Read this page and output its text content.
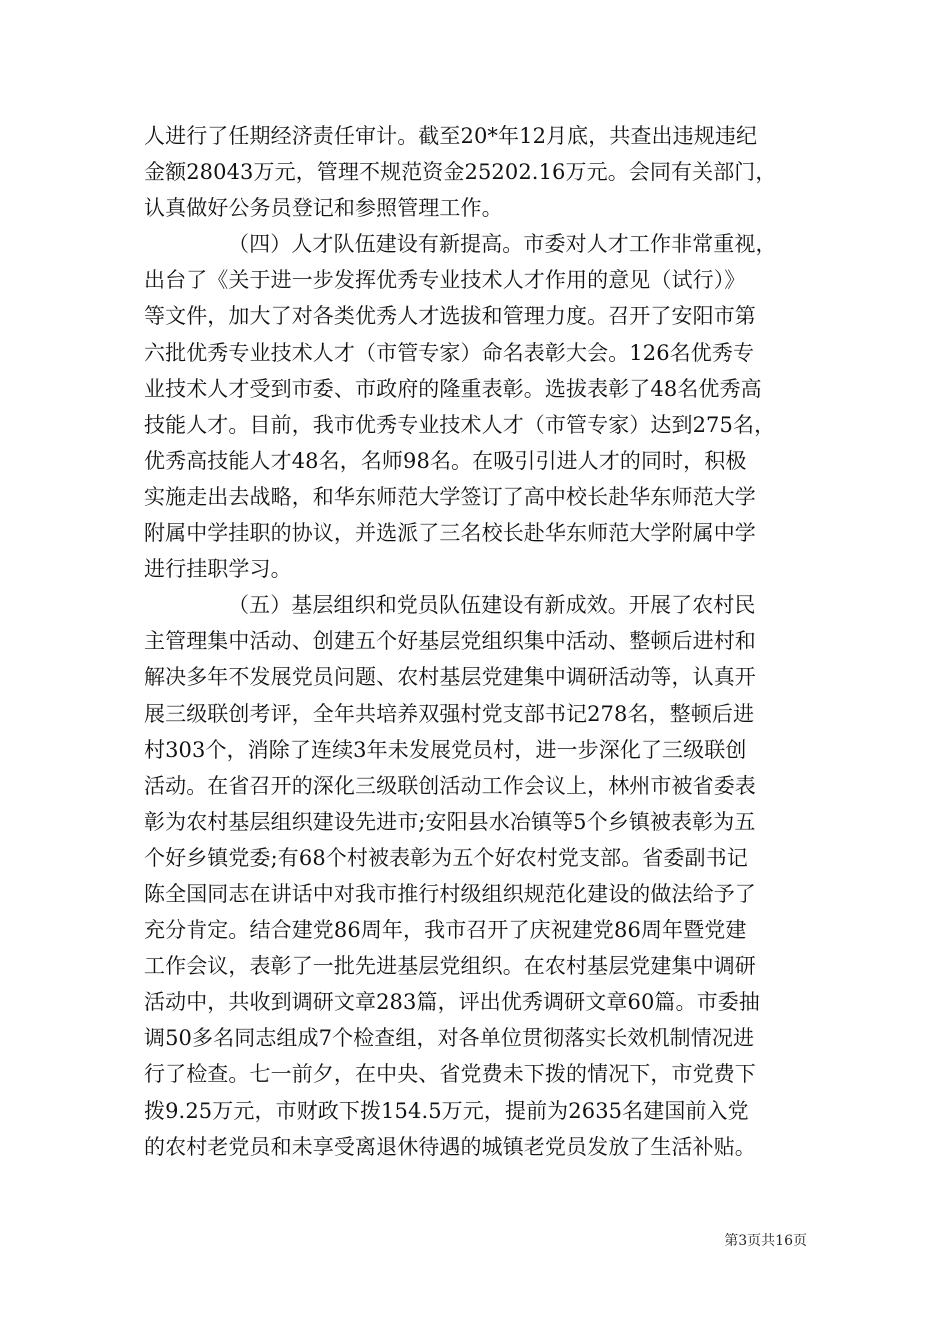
人进行了任期经济责任审计。截至20*年12月底，共查出违规违纪
金额28043万元，管理不规范资金25202.16万元。会同有关部门，
认真做好公务员登记和参照管理工作。
（四）人才队伍建设有新提高。市委对人才工作非常重视，
出台了《关于进一步发挥优秀专业技术人才作用的意见（试行）》
等文件，加大了对各类优秀人才选拔和管理力度。召开了安阳市第
六批优秀专业技术人才（市管专家）命名表彰大会。126名优秀专
业技术人才受到市委、市政府的隆重表彰。选拔表彰了48名优秀高
技能人才。目前，我市优秀专业技术人才（市管专家）达到275名，
优秀高技能人才48名，名师98名。在吸引引进人才的同时，积极
实施走出去战略，和华东师范大学签订了高中校长赴华东师范大学
附属中学挂职的协议，并选派了三名校长赴华东师范大学附属中学
进行挂职学习。
（五）基层组织和党员队伍建设有新成效。开展了农村民
主管理集中活动、创建五个好基层党组织集中活动、整顿后进村和
解决多年不发展党员问题、农村基层党建集中调研活动等，认真开
展三级联创考评，全年共培养双强村党支部书记278名，整顿后进
村303个，消除了连续3年未发展党员村，进一步深化了三级联创
活动。在省召开的深化三级联创活动工作会议上，林州市被省委表
彰为农村基层组织建设先进市;安阳县水冶镇等5个乡镇被表彰为五
个好乡镇党委;有68个村被表彰为五个好农村党支部。省委副书记
陈全国同志在讲话中对我市推行村级组织规范化建设的做法给予了
充分肯定。结合建党86周年，我市召开了庆祝建党86周年暨党建
工作会议，表彰了一批先进基层党组织。在农村基层党建集中调研
活动中，共收到调研文章283篇，评出优秀调研文章60篇。市委抽
调50多名同志组成7个检查组，对各单位贯彻落实长效机制情况进
行了检查。七一前夕，在中央、省党费未下拨的情况下，市党费下
拨9.25万元，市财政下拨154.5万元，提前为2635名建国前入党
的农村老党员和未享受离退休待遇的城镇老党员发放了生活补贴。
第3页共16页
